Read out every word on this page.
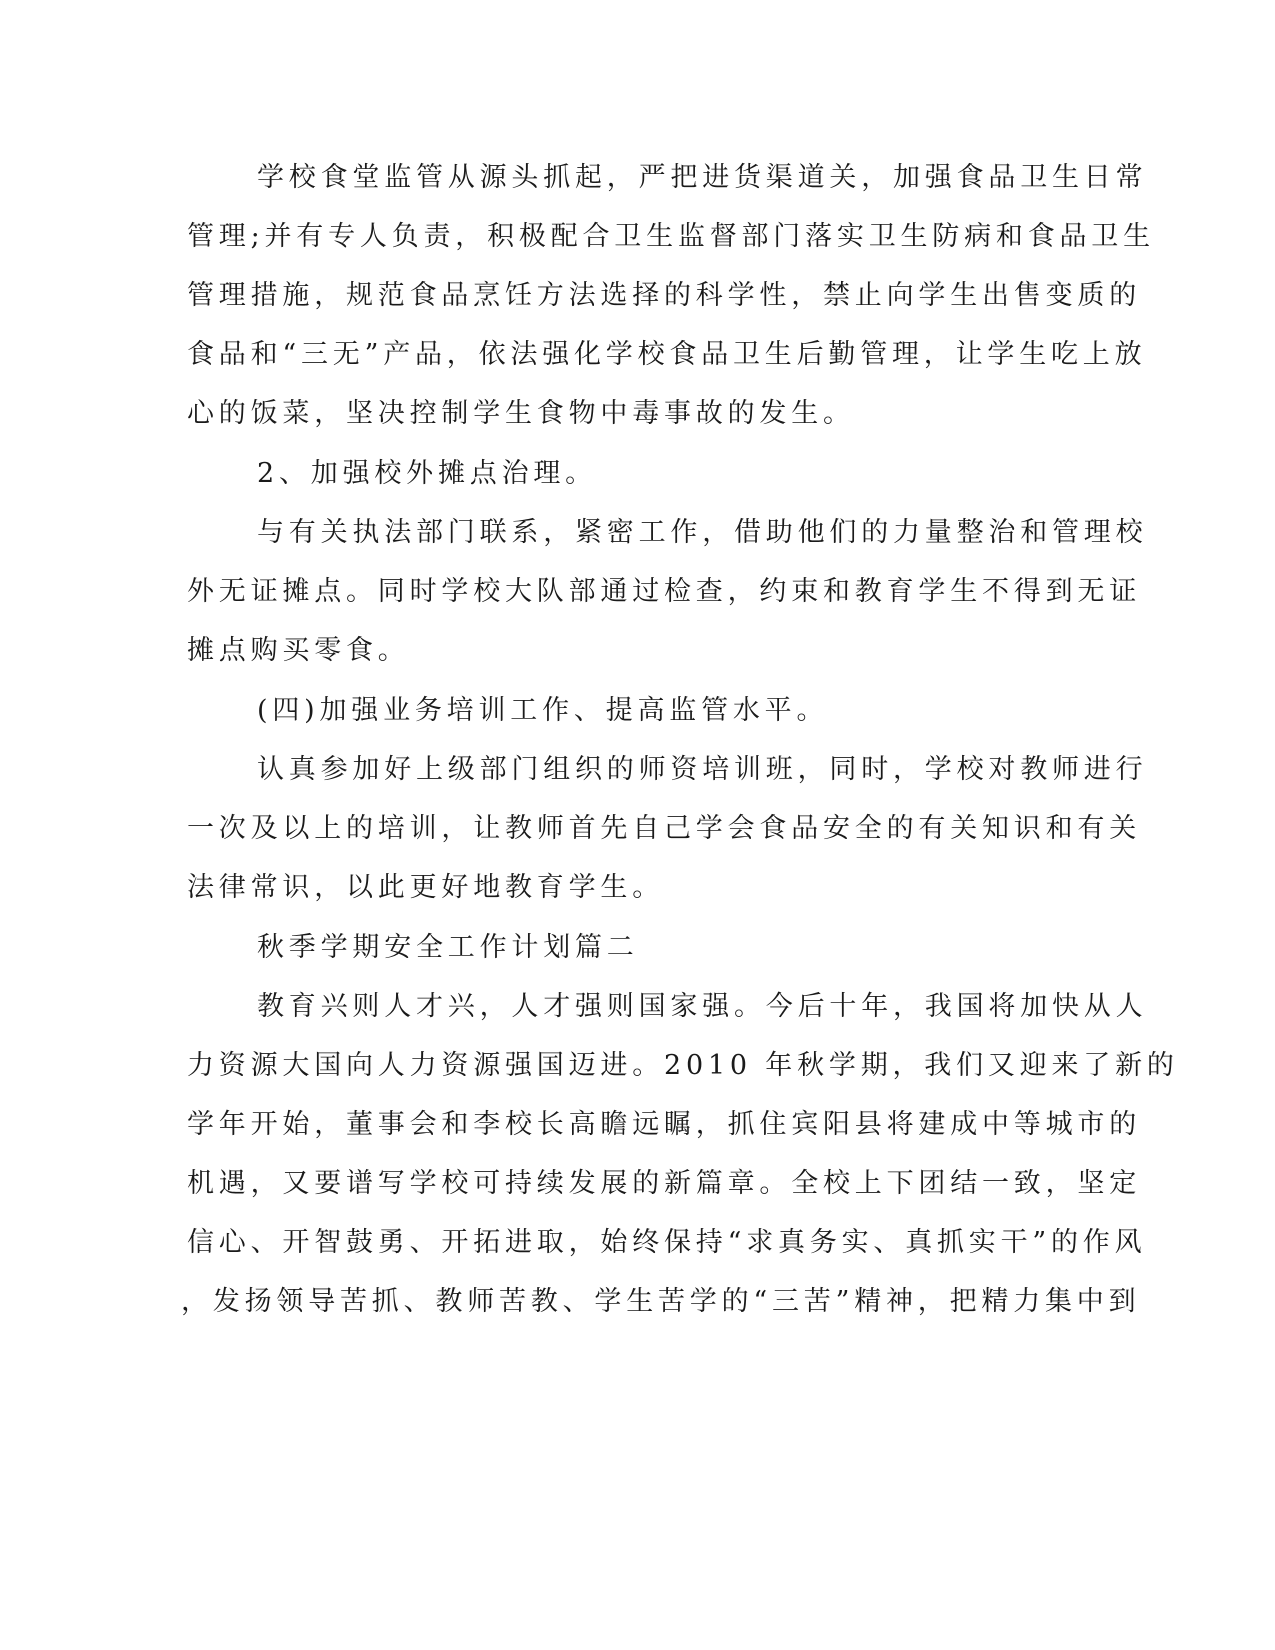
学校食堂监管从源头抓起，严把进货渠道关，加强食品卫生日常
管理;并有专人负责，积极配合卫生监督部门落实卫生防病和食品卫生
管理措施，规范食品烹饪方法选择的科学性，禁止向学生出售变质的
食品和“三无”产品，依法强化学校食品卫生后勤管理，让学生吃上放
心的饭菜，坚决控制学生食物中毒事故的发生。
2、加强校外摊点治理。
与有关执法部门联系，紧密工作，借助他们的力量整治和管理校
外无证摊点。同时学校大队部通过检查，约束和教育学生不得到无证
摊点购买零食。
(四)加强业务培训工作、提高监管水平。
认真参加好上级部门组织的师资培训班，同时，学校对教师进行
一次及以上的培训，让教师首先自己学会食品安全的有关知识和有关
法律常识，以此更好地教育学生。
秋季学期安全工作计划篇二
教育兴则人才兴，人才强则国家强。今后十年，我国将加快从人
力资源大国向人力资源强国迈进。2010 年秋学期，我们又迎来了新的
学年开始，董事会和李校长高瞻远瞩，抓住宾阳县将建成中等城市的
机遇，又要谱写学校可持续发展的新篇章。全校上下团结一致，坚定
信心、开智鼓勇、开拓进取，始终保持“求真务实、真抓实干”的作风
，发扬领导苦抓、教师苦教、学生苦学的“三苦”精神，把精力集中到
